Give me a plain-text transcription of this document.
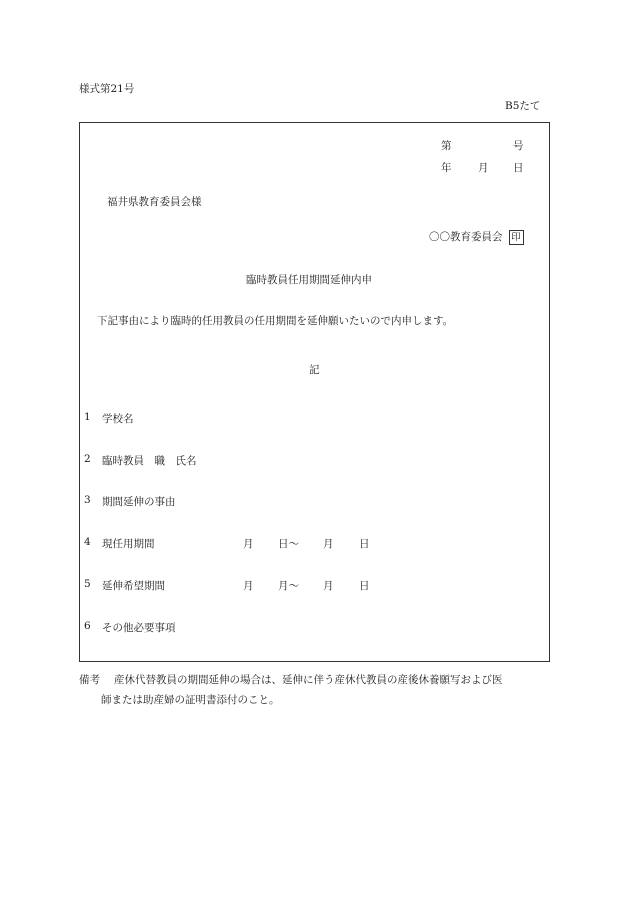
様式第21号
B5たて
第	号
年	月 日
福井県教育委員会様
〇〇教育委員会 印
臨時教員任用期間延伸内申
下記事由により臨時的任用教員の任用期間を延伸願いたいので内申します。
記
1 学校名
2 臨時教員　職　氏名
3 期間延伸の事由
4 現任用期間	月 日～ 月 日
5 延伸希望期間	月 月～ 月 日
6 その他必要事項
備考 産休代替教員の期間延伸の場合は、延伸に伴う産休代教員の産後休養願写および医
師または助産婦の証明書添付のこと。
